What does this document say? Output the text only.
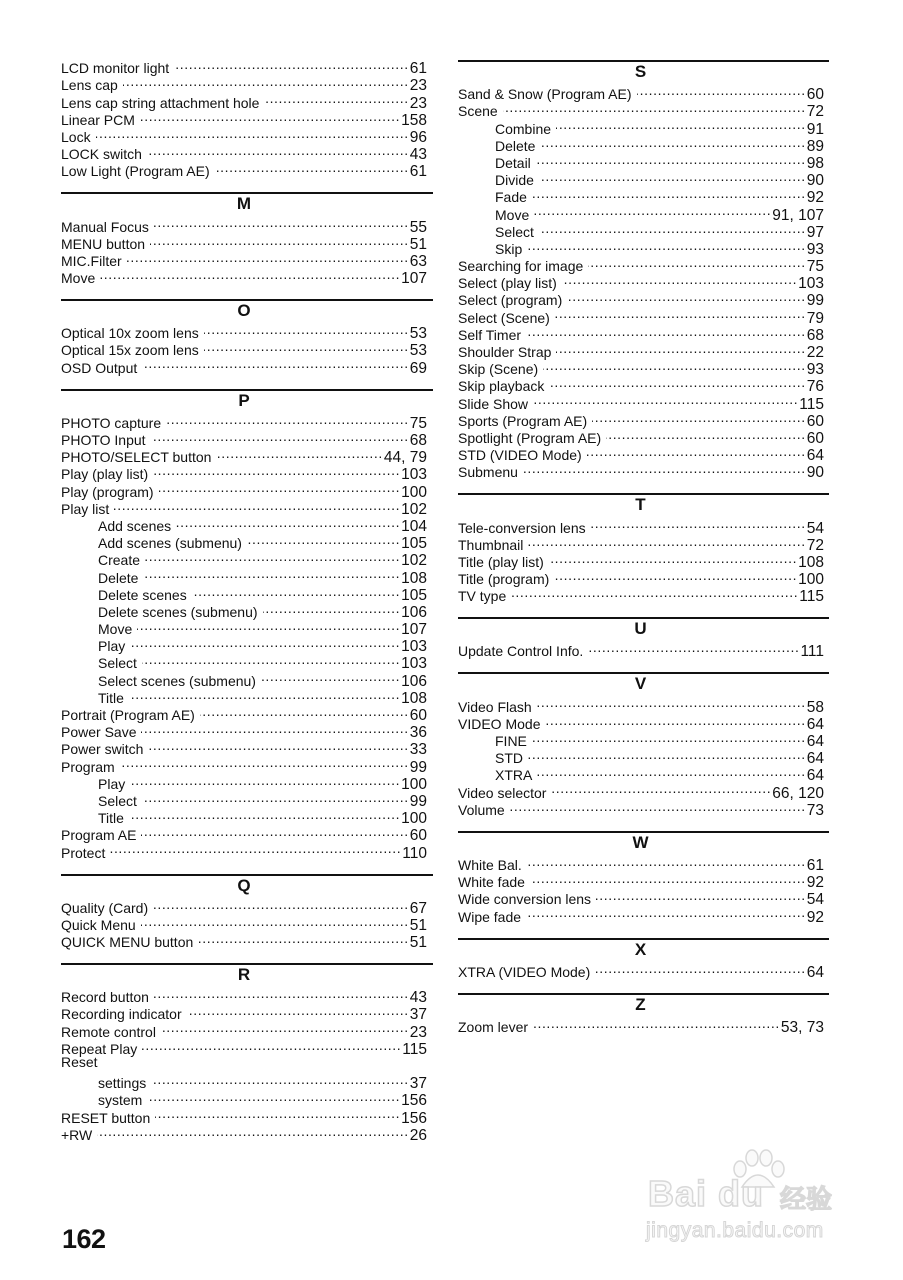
LCD monitor light .....	61
Lens cap .....	23
Lens cap string attachment hole .....	23
Linear PCM .....	158
Lock .....	96
LOCK switch .....	43
Low Light (Program AE) .....	61
M
Manual Focus .....	55
MENU button .....	51
MIC.Filter .....	63
Move .....	107
O
Optical 10x zoom lens .....	53
Optical 15x zoom lens .....	53
OSD Output .....	69
P
PHOTO capture .....	75
PHOTO Input .....	68
PHOTO/SELECT button .....	44, 79
Play (play list) .....	103
Play (program) .....	100
Play list .....	102
Add scenes .....	104
Add scenes (submenu) .....	105
Create .....	102
Delete .....	108
Delete scenes .....	105
Delete scenes (submenu) .....	106
Move .....	107
Play .....	103
Select .....	103
Select scenes (submenu) .....	106
Title .....	108
Portrait (Program AE) .....	60
Power Save .....	36
Power switch .....	33
Program .....	99
Play .....	100
Select .....	99
Title .....	100
Program AE .....	60
Protect .....	110
Q
Quality (Card) .....	67
Quick Menu .....	51
QUICK MENU button .....	51
R
Record button .....	43
Recording indicator .....	37
Remote control .....	23
Repeat Play .....	115
Reset
settings .....	37
system .....	156
RESET button .....	156
+RW .....	26
S
Sand & Snow (Program AE) .....	60
Scene .....	72
Combine .....	91
Delete .....	89
Detail .....	98
Divide .....	90
Fade .....	92
Move .....	91, 107
Select .....	97
Skip .....	93
Searching for image .....	75
Select (play list) .....	103
Select (program) .....	99
Select (Scene) .....	79
Self Timer .....	68
Shoulder Strap .....	22
Skip (Scene) .....	93
Skip playback .....	76
Slide Show .....	115
Sports (Program AE) .....	60
Spotlight (Program AE) .....	60
STD (VIDEO Mode) .....	64
Submenu .....	90
T
Tele-conversion lens .....	54
Thumbnail .....	72
Title (play list) .....	108
Title (program) .....	100
TV type .....	115
U
Update Control Info. .....	111
V
Video Flash .....	58
VIDEO Mode .....	64
FINE .....	64
STD .....	64
XTRA .....	64
Video selector .....	66, 120
Volume .....	73
W
White Bal. .....	61
White fade .....	92
Wide conversion lens .....	54
Wipe fade .....	92
X
XTRA (VIDEO Mode) .....	64
Z
Zoom lever .....	53, 73
162
Bai du 经验
jingyan.baidu.com
